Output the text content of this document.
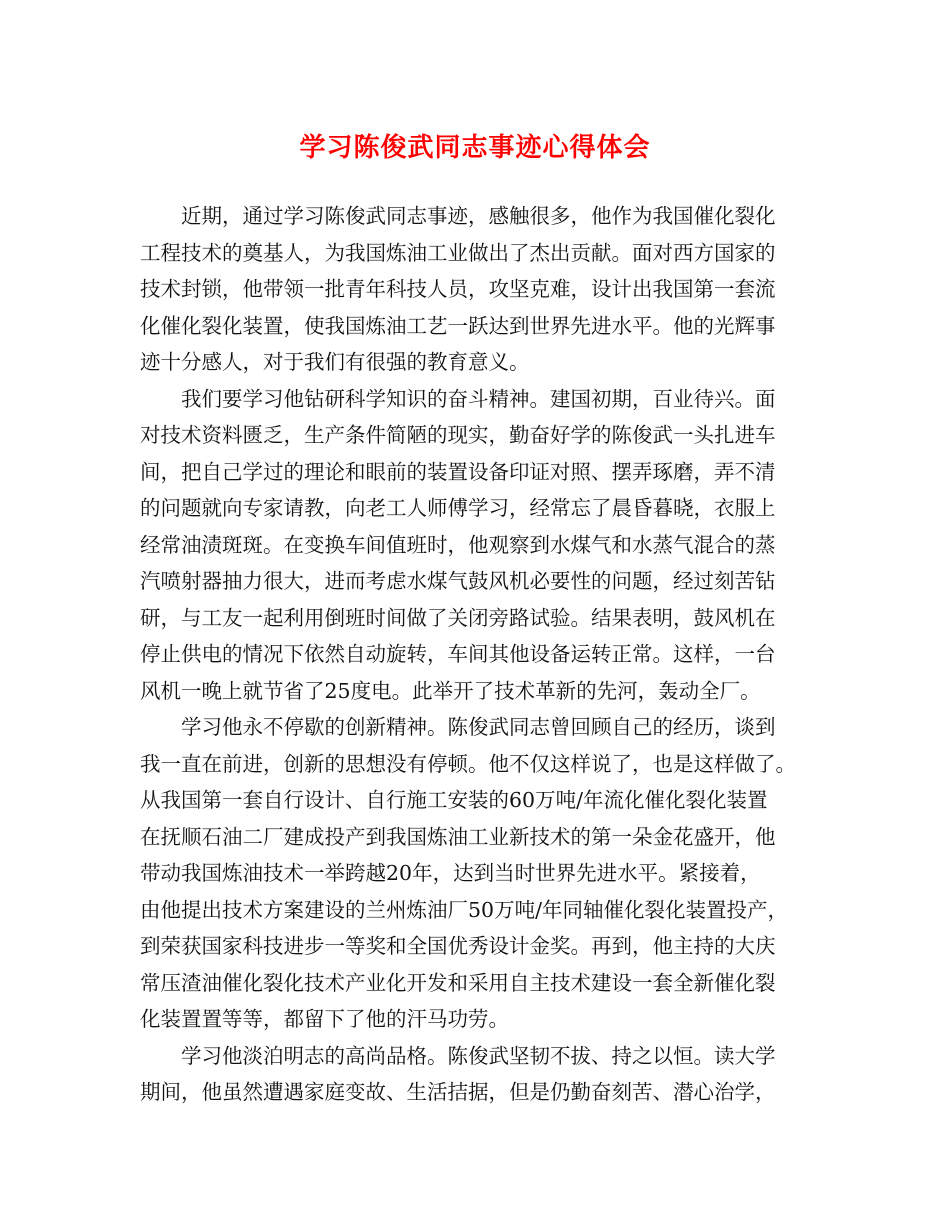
学习陈俊武同志事迹心得体会

近期，通过学习陈俊武同志事迹，感触很多，他作为我国催化裂化
工程技术的奠基人，为我国炼油工业做出了杰出贡献。面对西方国家的
技术封锁，他带领一批青年科技人员，攻坚克难，设计出我国第一套流
化催化裂化装置，使我国炼油工艺一跃达到世界先进水平。他的光辉事
迹十分感人，对于我们有很强的教育意义。

我们要学习他钻研科学知识的奋斗精神。建国初期，百业待兴。面
对技术资料匮乏，生产条件简陋的现实，勤奋好学的陈俊武一头扎进车
间，把自己学过的理论和眼前的装置设备印证对照、摆弄琢磨，弄不清
的问题就向专家请教，向老工人师傅学习，经常忘了晨昏暮晓，衣服上
经常油渍斑斑。在变换车间值班时，他观察到水煤气和水蒸气混合的蒸
汽喷射器抽力很大，进而考虑水煤气鼓风机必要性的问题，经过刻苦钻
研，与工友一起利用倒班时间做了关闭旁路试验。结果表明，鼓风机在
停止供电的情况下依然自动旋转，车间其他设备运转正常。这样，一台
风机一晚上就节省了25度电。此举开了技术革新的先河，轰动全厂。

学习他永不停歇的创新精神。陈俊武同志曾回顾自己的经历，谈到
我一直在前进，创新的思想没有停顿。他不仅这样说了，也是这样做了。
从我国第一套自行设计、自行施工安装的60万吨/年流化催化裂化装置
在抚顺石油二厂建成投产到我国炼油工业新技术的第一朵金花盛开，他
带动我国炼油技术一举跨越20年，达到当时世界先进水平。紧接着，
由他提出技术方案建设的兰州炼油厂50万吨/年同轴催化裂化装置投产，
到荣获国家科技进步一等奖和全国优秀设计金奖。再到，他主持的大庆
常压渣油催化裂化技术产业化开发和采用自主技术建设一套全新催化裂
化装置置等等，都留下了他的汗马功劳。

学习他淡泊明志的高尚品格。陈俊武坚韧不拔、持之以恒。读大学
期间，他虽然遭遇家庭变故、生活拮据，但是仍勤奋刻苦、潜心治学，
